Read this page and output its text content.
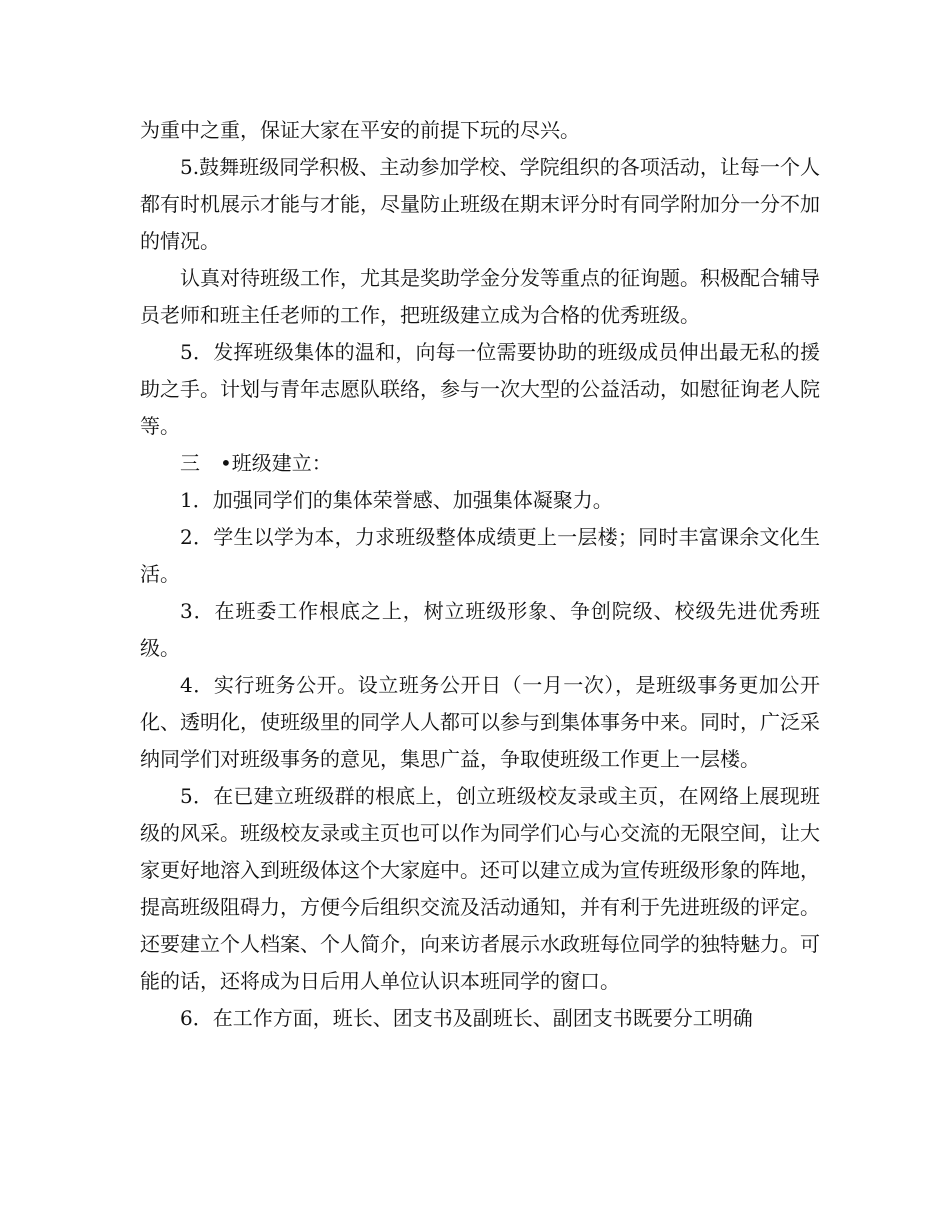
为重中之重，保证大家在平安的前提下玩的尽兴。

5.鼓舞班级同学积极、主动参加学校、学院组织的各项活动，让每一个人都有时机展示才能与才能，尽量防止班级在期末评分时有同学附加分一分不加的情况。

认真对待班级工作，尤其是奖助学金分发等重点的征询题。积极配合辅导员老师和班主任老师的工作，把班级建立成为合格的优秀班级。

5．发挥班级集体的温和，向每一位需要协助的班级成员伸出最无私的援助之手。计划与青年志愿队联络，参与一次大型的公益活动，如慰征询老人院等。

三　•班级建立：

1．加强同学们的集体荣誉感、加强集体凝聚力。

2．学生以学为本，力求班级整体成绩更上一层楼；同时丰富课余文化生活。

3．在班委工作根底之上，树立班级形象、争创院级、校级先进优秀班级。

4．实行班务公开。设立班务公开日（一月一次），是班级事务更加公开化、透明化，使班级里的同学人人都可以参与到集体事务中来。同时，广泛采纳同学们对班级事务的意见，集思广益，争取使班级工作更上一层楼。

5．在已建立班级群的根底上，创立班级校友录或主页，在网络上展现班级的风采。班级校友录或主页也可以作为同学们心与心交流的无限空间，让大家更好地溶入到班级体这个大家庭中。还可以建立成为宣传班级形象的阵地，提高班级阻碍力，方便今后组织交流及活动通知，并有利于先进班级的评定。还要建立个人档案、个人简介，向来访者展示水政班每位同学的独特魅力。可能的话，还将成为日后用人单位认识本班同学的窗口。

6．在工作方面，班长、团支书及副班长、副团支书既要分工明确
